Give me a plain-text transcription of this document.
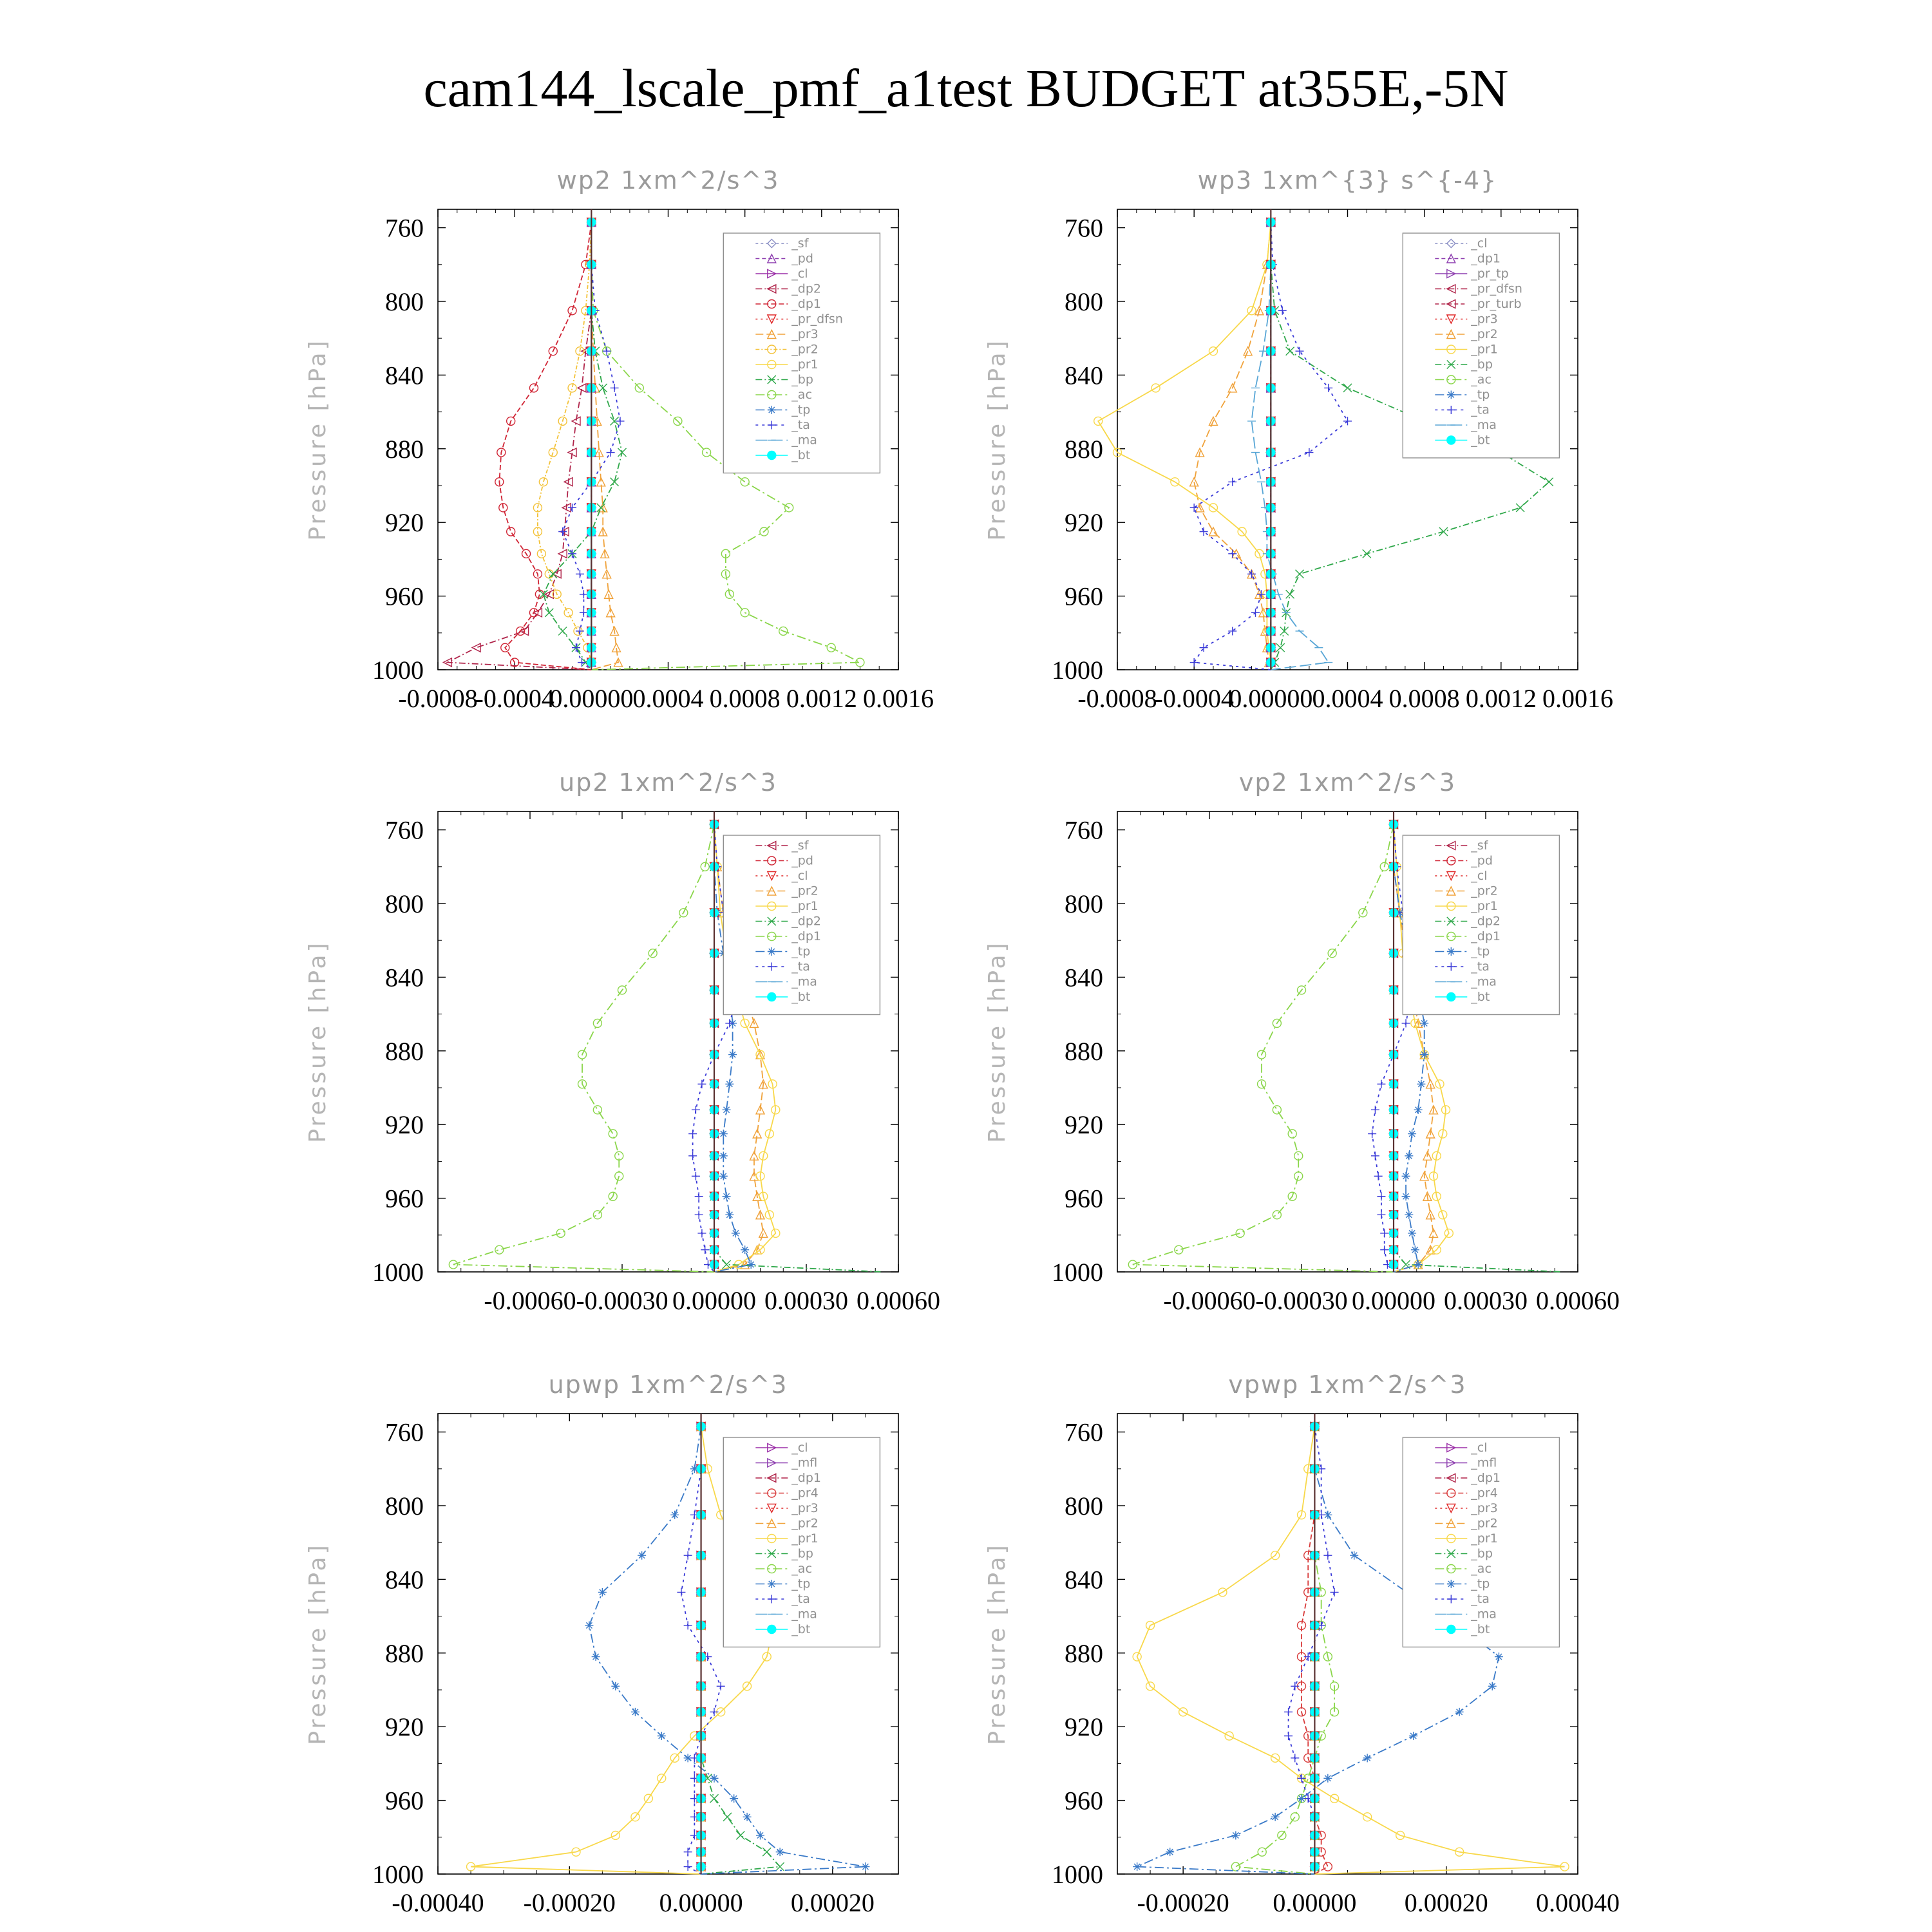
cam144_lscale_pmf_a1test BUDGET at355E,-5N
wp2 1xm^2/s^3
Pressure [hPa]
760
800
840
880
920
960
1000
-0.0008
-0.0004
0.00000 0.0004 0.0008 0.0012 0.0016
_sf
_pd
_cl
_dp2
_dp1
_pr_dfsn
_pr3
_pr2
_pr1
_bp
_ac
_tp
_ta
_ma
_bt
wp3 1xm^{3} s^{-4}
Pressure [hPa]
760
800
840
880
920
960
1000
-0.0008
-0.0004
0.00000 0.0004 0.0008 0.0012 0.0016
_cl
_dp1
_pr_tp
_pr_dfsn
_pr_turb
_pr3
_pr2
_pr1
_bp
_ac
_tp
_ta
_ma
_bt
up2 1xm^2/s^3
Pressure [hPa]
760
800
840
880
920
960
1000
-0.00060 -0.00030 0.00000 0.00030 0.00060
_sf
_pd
_cl
_pr2
_pr1
_dp2
_dp1
_tp
_ta
_ma
_bt
vp2 1xm^2/s^3
Pressure [hPa]
760
800
840
880
920
960
1000
-0.00060 -0.00030 0.00000 0.00030 0.00060
_sf
_pd
_cl
_pr2
_pr1
_dp2
_dp1
_tp
_ta
_ma
_bt
upwp 1xm^2/s^3
Pressure [hPa]
760
800
840
880
920
960
1000
-0.00040 -0.00020 0.00000 0.00020
_cl
_mfl
_dp1
_pr4
_pr3
_pr2
_pr1
_bp
_ac
_tp
_ta
_ma
_bt
vpwp 1xm^2/s^3
Pressure [hPa]
760
800
840
880
920
960
1000
-0.00020 0.00000 0.00020 0.00040
_cl
_mfl
_dp1
_pr4
_pr3
_pr2
_pr1
_bp
_ac
_tp
_ta
_ma
_bt
